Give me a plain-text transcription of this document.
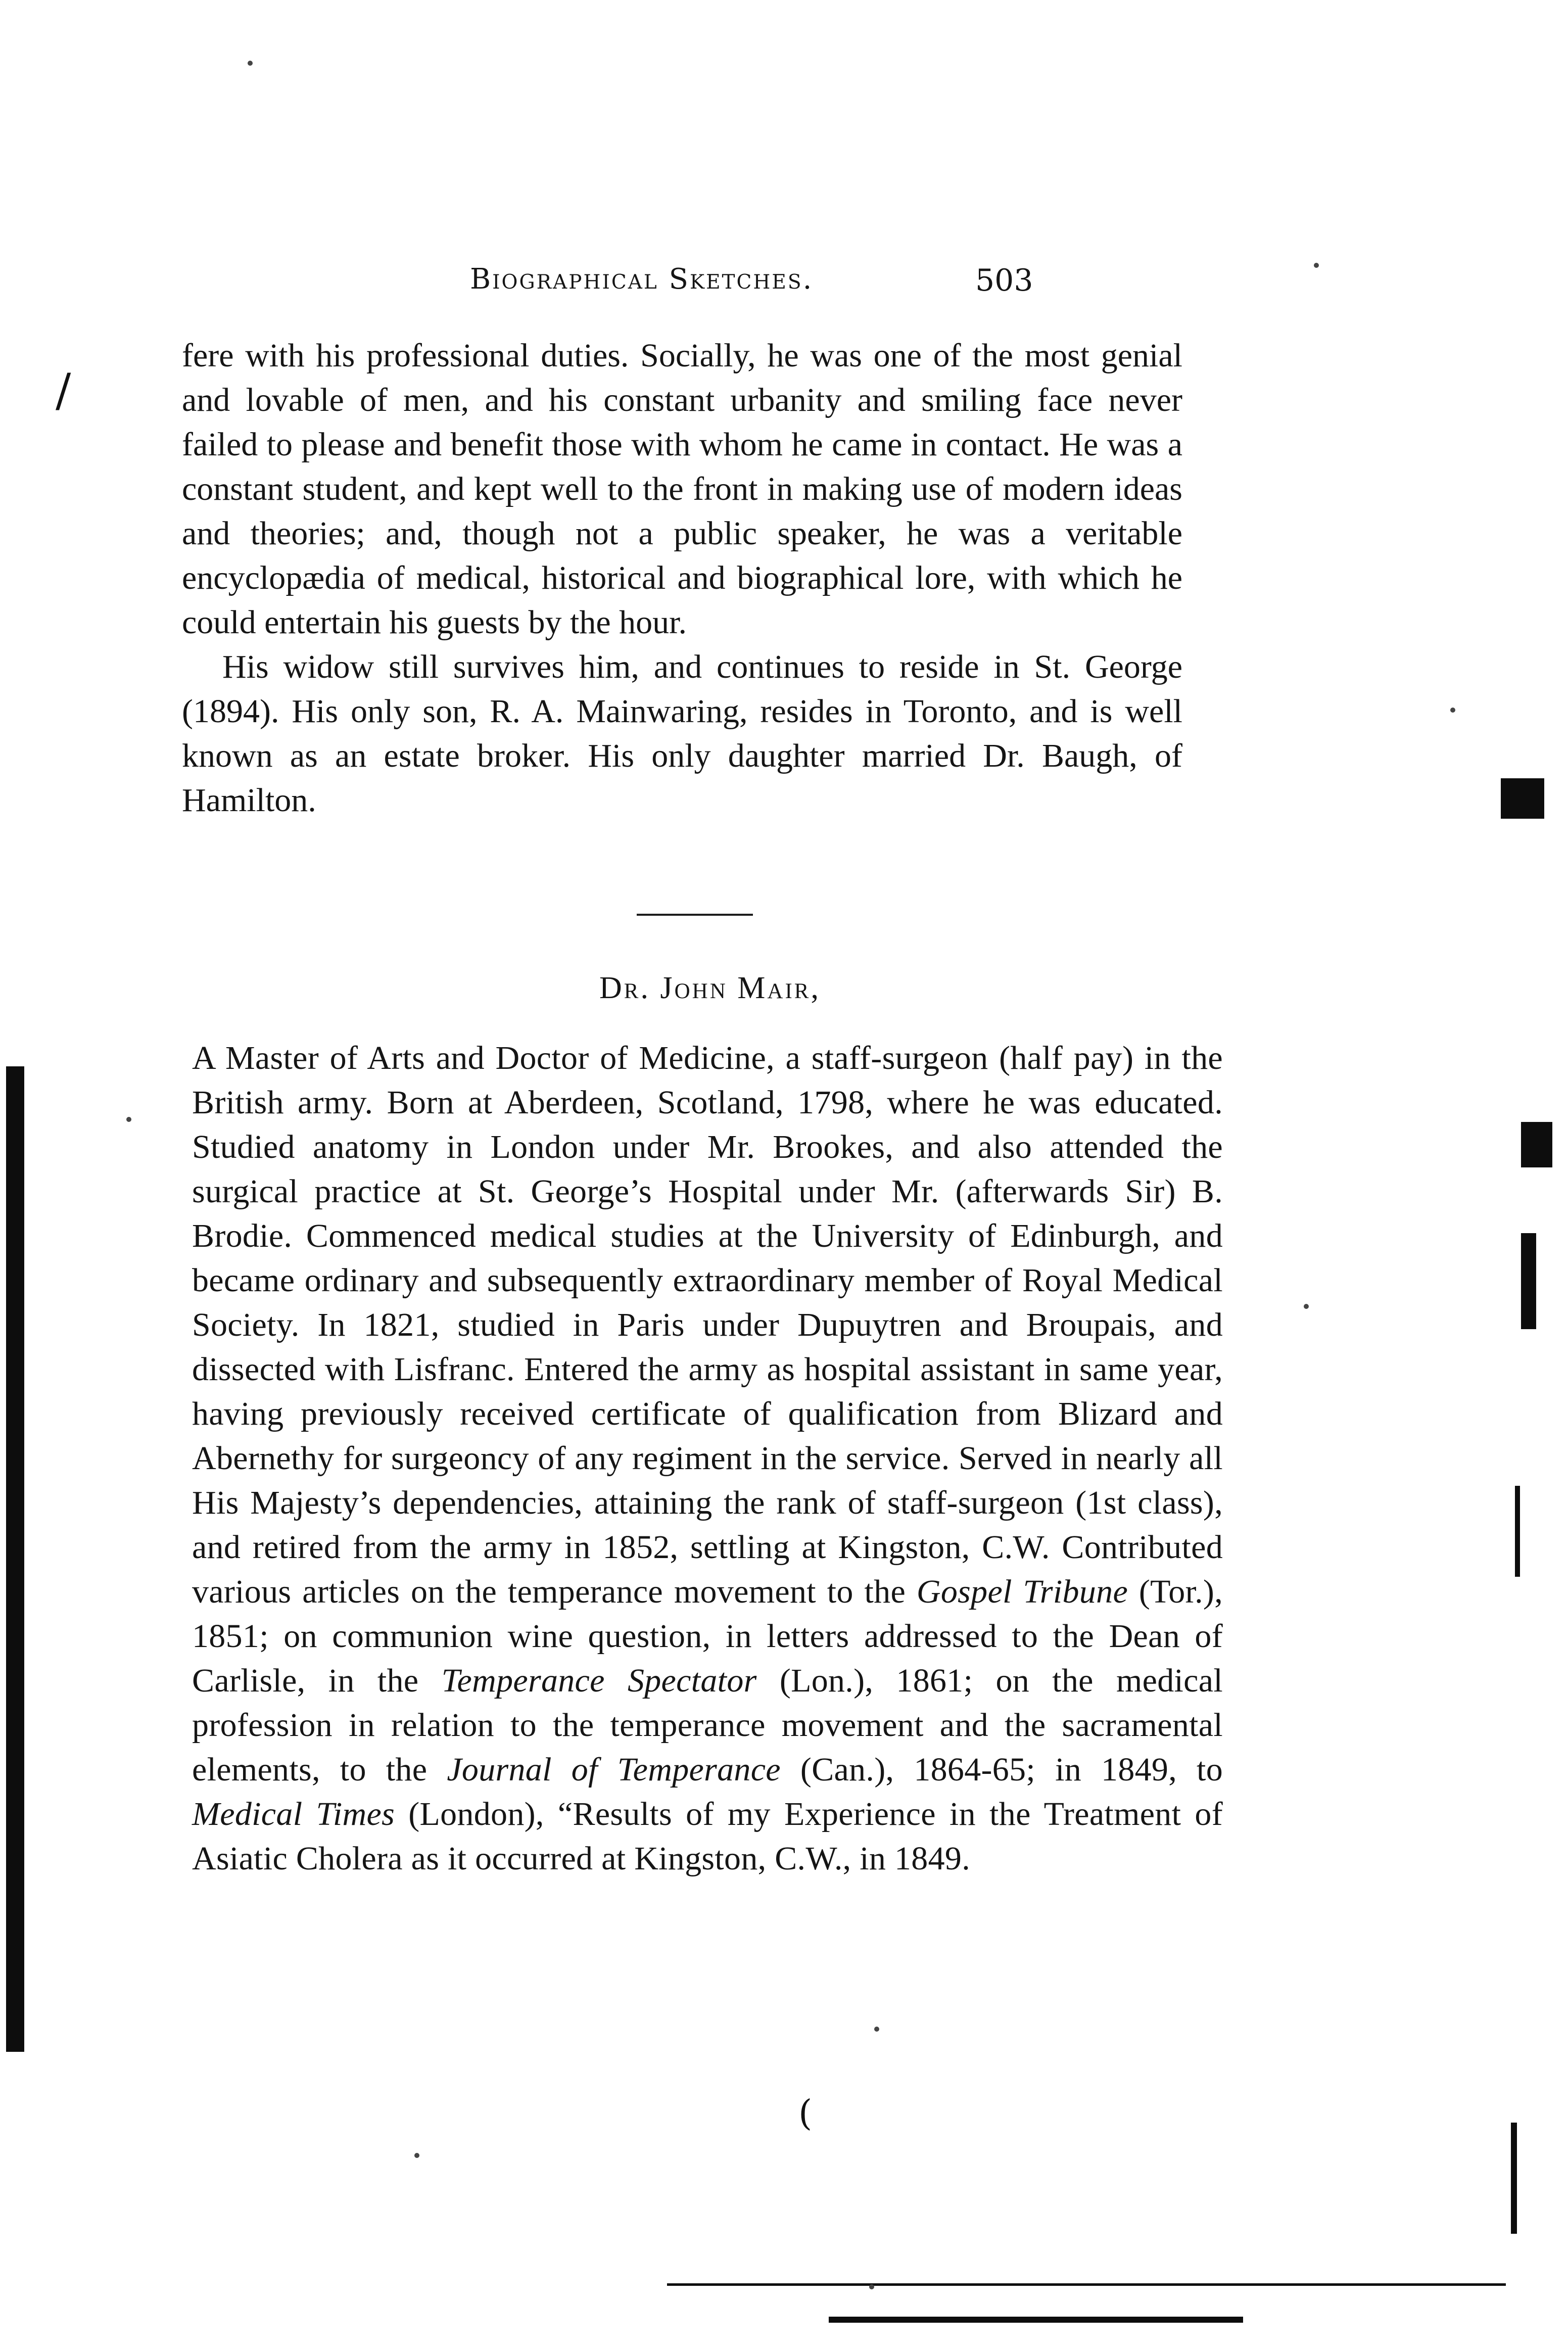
Biographical Sketches.	503

fere with his professional duties. Socially, he was one of the most genial and lovable of men, and his constant urbanity and smiling face never failed to please and benefit those with whom he came in contact. He was a constant student, and kept well to the front in making use of modern ideas and theories; and, though not a public speaker, he was a veritable encyclopædia of medical, historical and biographical lore, with which he could entertain his guests by the hour.

His widow still survives him, and continues to reside in St. George (1894). His only son, R. A. Mainwaring, resides in Toronto, and is well known as an estate broker. His only daughter married Dr. Baugh, of Hamilton.

Dr. John Mair,

A Master of Arts and Doctor of Medicine, a staff-surgeon (half pay) in the British army. Born at Aberdeen, Scotland, 1798, where he was educated. Studied anatomy in London under Mr. Brookes, and also attended the surgical practice at St. George’s Hospital under Mr. (afterwards Sir) B. Brodie. Commenced medical studies at the University of Edinburgh, and became ordinary and subsequently extraordinary member of Royal Medical Society. In 1821, studied in Paris under Dupuytren and Broupais, and dissected with Lisfranc. Entered the army as hospital assistant in same year, having previously received certificate of qualification from Blizard and Abernethy for surgeoncy of any regiment in the service. Served in nearly all His Majesty’s dependencies, attaining the rank of staff-surgeon (1st class), and retired from the army in 1852, settling at Kingston, C.W. Contributed various articles on the temperance movement to the Gospel Tribune (Tor.), 1851; on communion wine question, in letters addressed to the Dean of Carlisle, in the Temperance Spectator (Lon.), 1861; on the medical profession in relation to the temperance movement and the sacramental elements, to the Journal of Temperance (Can.), 1864-65; in 1849, to Medical Times (London), “Results of my Experience in the Treatment of Asiatic Cholera as it occurred at Kingston, C.W., in 1849.

/
(
